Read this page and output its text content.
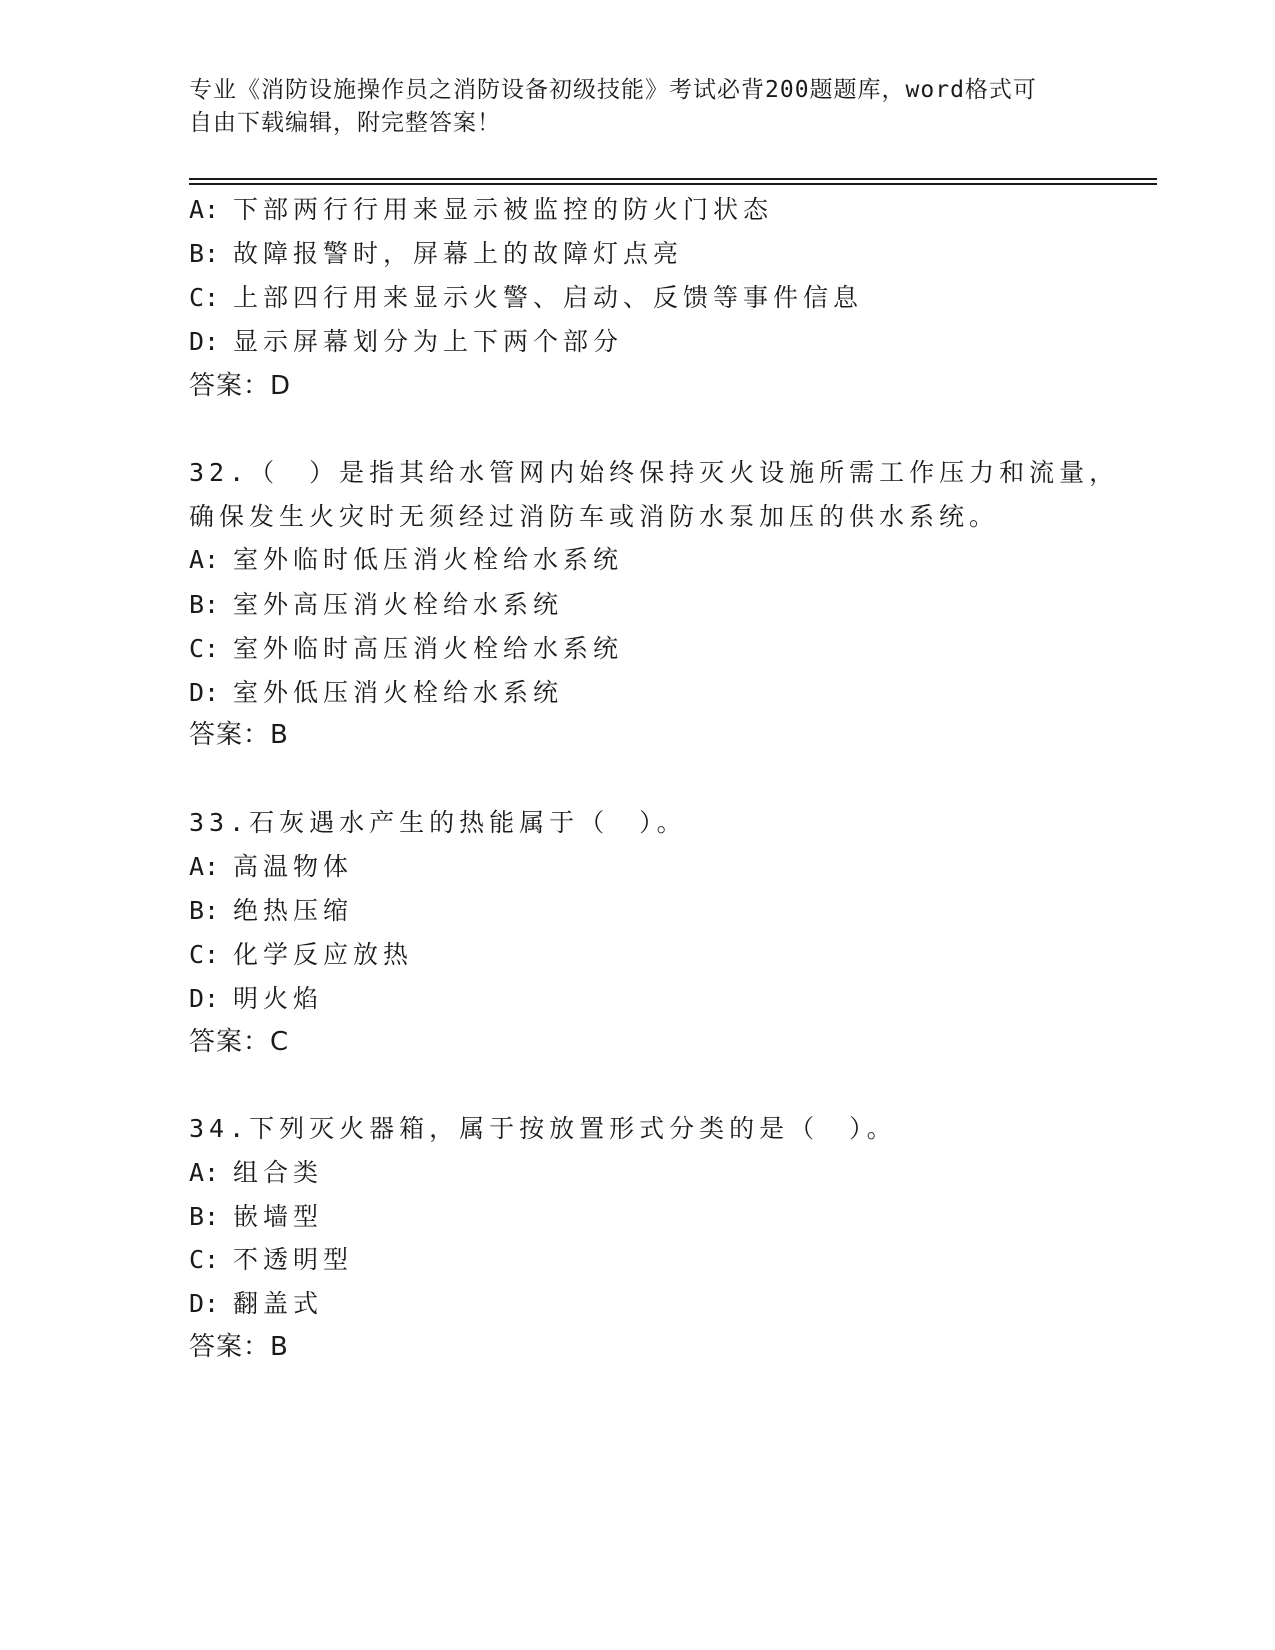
专业《消防设施操作员之消防设备初级技能》考试必背200题题库，word格式可
自由下载编辑，附完整答案！
A: 下部两行行用来显示被监控的防火门状态
B: 故障报警时，屏幕上的故障灯点亮
C: 上部四行用来显示火警、启动、反馈等事件信息
D: 显示屏幕划分为上下两个部分
答案：D
32.（　）是指其给水管网内始终保持灭火设施所需工作压力和流量，
确保发生火灾时无须经过消防车或消防水泵加压的供水系统。
A: 室外临时低压消火栓给水系统
B: 室外高压消火栓给水系统
C: 室外临时高压消火栓给水系统
D: 室外低压消火栓给水系统
答案：B
33.石灰遇水产生的热能属于（　）。
A: 高温物体
B: 绝热压缩
C: 化学反应放热
D: 明火焰
答案：C
34.下列灭火器箱，属于按放置形式分类的是（　）。
A: 组合类
B: 嵌墙型
C: 不透明型
D: 翻盖式
答案：B
